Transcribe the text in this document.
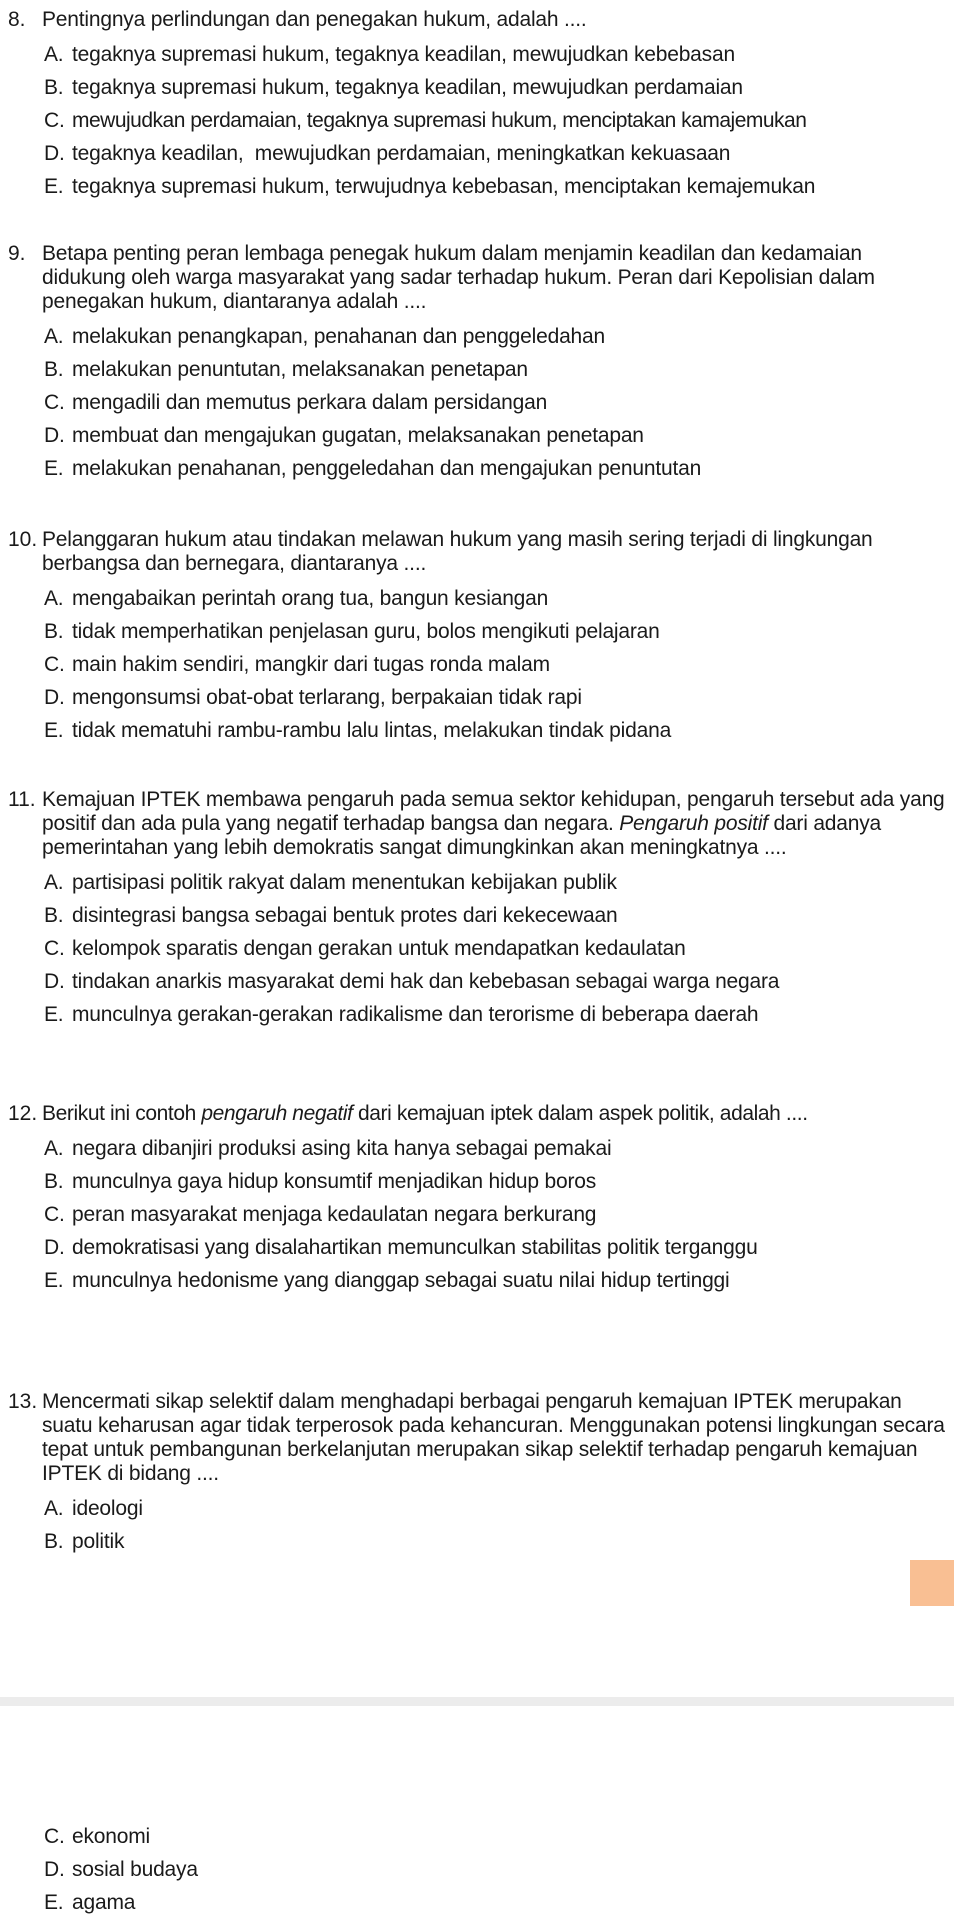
8. Pentingnya perlindungan dan penegakan hukum, adalah ....
A. tegaknya supremasi hukum, tegaknya keadilan, mewujudkan kebebasan
B. tegaknya supremasi hukum, tegaknya keadilan, mewujudkan perdamaian
C. mewujudkan perdamaian, tegaknya supremasi hukum, menciptakan kamajemukan
D. tegaknya keadilan,  mewujudkan perdamaian, meningkatkan kekuasaan
E. tegaknya supremasi hukum, terwujudnya kebebasan, menciptakan kemajemukan
9. Betapa penting peran lembaga penegak hukum dalam menjamin keadilan dan kedamaian didukung oleh warga masyarakat yang sadar terhadap hukum. Peran dari Kepolisian dalam penegakan hukum, diantaranya adalah ....
A. melakukan penangkapan, penahanan dan penggeledahan
B. melakukan penuntutan, melaksanakan penetapan
C. mengadili dan memutus perkara dalam persidangan
D. membuat dan mengajukan gugatan, melaksanakan penetapan
E. melakukan penahanan, penggeledahan dan mengajukan penuntutan
10. Pelanggaran hukum atau tindakan melawan hukum yang masih sering terjadi di lingkungan berbangsa dan bernegara, diantaranya ....
A. mengabaikan perintah orang tua, bangun kesiangan
B. tidak memperhatikan penjelasan guru, bolos mengikuti pelajaran
C. main hakim sendiri, mangkir dari tugas ronda malam
D. mengonsumsi obat-obat terlarang, berpakaian tidak rapi
E. tidak mematuhi rambu-rambu lalu lintas, melakukan tindak pidana
11. Kemajuan IPTEK membawa pengaruh pada semua sektor kehidupan, pengaruh tersebut ada yang positif dan ada pula yang negatif terhadap bangsa dan negara. Pengaruh positif dari adanya pemerintahan yang lebih demokratis sangat dimungkinkan akan meningkatnya ....
A. partisipasi politik rakyat dalam menentukan kebijakan publik
B. disintegrasi bangsa sebagai bentuk protes dari kekecewaan
C. kelompok sparatis dengan gerakan untuk mendapatkan kedaulatan
D. tindakan anarkis masyarakat demi hak dan kebebasan sebagai warga negara
E. munculnya gerakan-gerakan radikalisme dan terorisme di beberapa daerah
12. Berikut ini contoh pengaruh negatif dari kemajuan iptek dalam aspek politik, adalah ....
A. negara dibanjiri produksi asing kita hanya sebagai pemakai
B. munculnya gaya hidup konsumtif menjadikan hidup boros
C. peran masyarakat menjaga kedaulatan negara berkurang
D. demokratisasi yang disalahartikan memunculkan stabilitas politik terganggu
E. munculnya hedonisme yang dianggap sebagai suatu nilai hidup tertinggi
13. Mencermati sikap selektif dalam menghadapi berbagai pengaruh kemajuan IPTEK merupakan suatu keharusan agar tidak terperosok pada kehancuran. Menggunakan potensi lingkungan secara tepat untuk pembangunan berkelanjutan merupakan sikap selektif terhadap pengaruh kemajuan IPTEK di bidang ....
A. ideologi
B. politik
C. ekonomi
D. sosial budaya
E. agama
